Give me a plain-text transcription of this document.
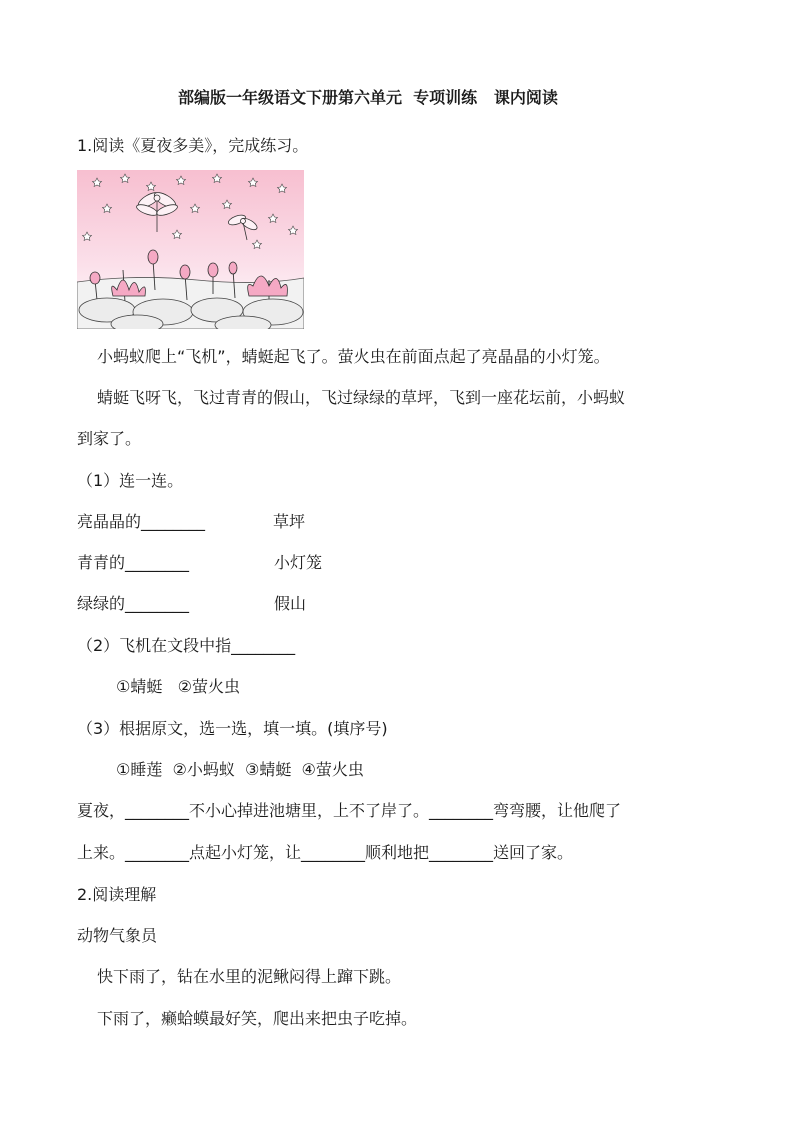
部编版一年级语文下册第六单元  专项训练   课内阅读
1.阅读《夏夜多美》，完成练习。
小蚂蚁爬上“飞机”，蜻蜓起飞了。萤火虫在前面点起了亮晶晶的小灯笼。
蜻蜓飞呀飞，飞过青青的假山，飞过绿绿的草坪，飞到一座花坛前，小蚂蚁
到家了。
（1）连一连。
亮晶晶的________	草坪
青青的________	小灯笼
绿绿的________	假山
（2）飞机在文段中指________
①蜻蜓   ②萤火虫
（3）根据原文，选一选，填一填。(填序号)
①睡莲  ②小蚂蚁  ③蜻蜓  ④萤火虫
夏夜，________不小心掉进池塘里，上不了岸了。________弯弯腰，让他爬了
上来。________点起小灯笼，让________顺利地把________送回了家。
2.阅读理解
动物气象员
快下雨了，钻在水里的泥鳅闷得上蹿下跳。
下雨了，癞蛤蟆最好笑，爬出来把虫子吃掉。
